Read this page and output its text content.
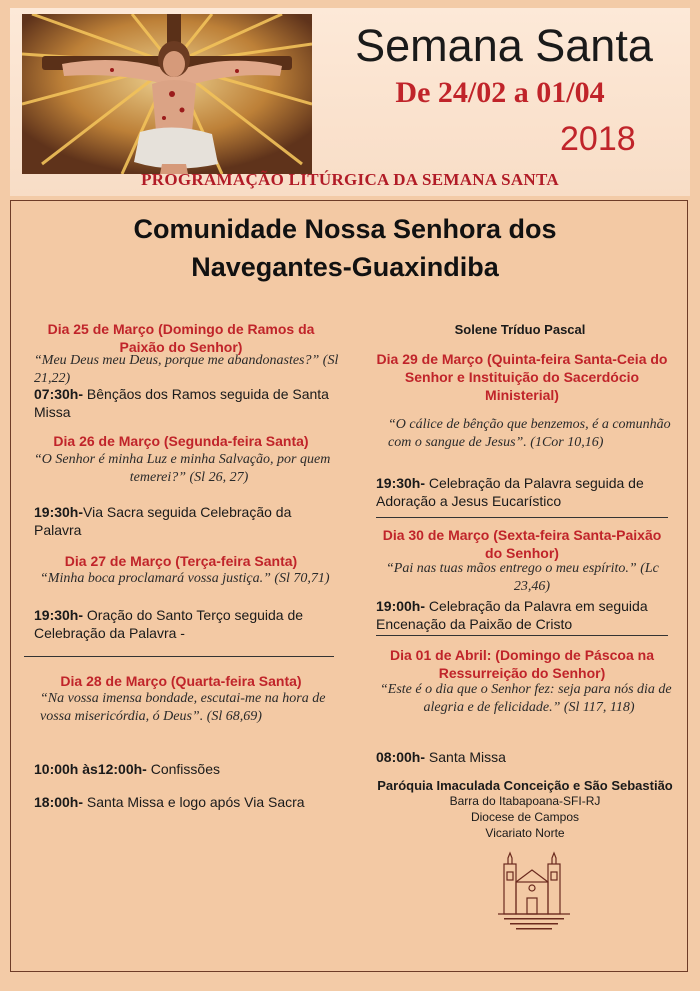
Semana Santa
De 24/02 a 01/04
2018
PROGRAMAÇÃO LITÚRGICA DA SEMANA SANTA
Comunidade Nossa Senhora dos
Navegantes-Guaxindiba
Dia 25 de Março (Domingo de Ramos da
Paixão do Senhor)
“Meu Deus meu Deus, porque me abandonastes?” (Sl 21,22)
07:30h- Bênçãos dos Ramos seguida de Santa
Missa
Dia 26 de Março (Segunda-feira Santa)
“O Senhor é minha Luz e minha Salvação, por quem
temerei?” (Sl 26, 27)
19:30h-Via Sacra seguida Celebração da
Palavra
Dia 27 de Março (Terça-feira Santa)
“Minha boca proclamará vossa justiça.” (Sl 70,71)
19:30h- Oração do Santo Terço seguida de
Celebração da Palavra -
Dia 28 de Março (Quarta-feira Santa)
“Na vossa imensa bondade, escutai-me na hora de
vossa misericórdia, ó Deus”. (Sl 68,69)
10:00h às12:00h- Confissões
18:00h- Santa Missa e logo após Via Sacra
Solene Tríduo Pascal
Dia 29 de Março (Quinta-feira Santa-Ceia do
Senhor e Instituição do Sacerdócio
Ministerial)
“O cálice de bênção que benzemos, é a comunhão
com o sangue de Jesus”. (1Cor 10,16)
19:30h- Celebração da Palavra seguida de
Adoração a Jesus Eucarístico
Dia 30 de Março (Sexta-feira Santa-Paixão
do Senhor)
“Pai nas tuas mãos entrego o meu espírito.” (Lc
23,46)
19:00h- Celebração da Palavra em seguida
Encenação da Paixão de Cristo
Dia 01 de Abril: (Domingo de Páscoa na
Ressurreição do Senhor)
“Este é o dia que o Senhor fez: seja para nós dia de
alegria e de felicidade.” (Sl 117, 118)
08:00h- Santa Missa
Paróquia Imaculada Conceição e São Sebastião
Barra do Itabapoana-SFI-RJ
Diocese de Campos
Vicariato Norte
